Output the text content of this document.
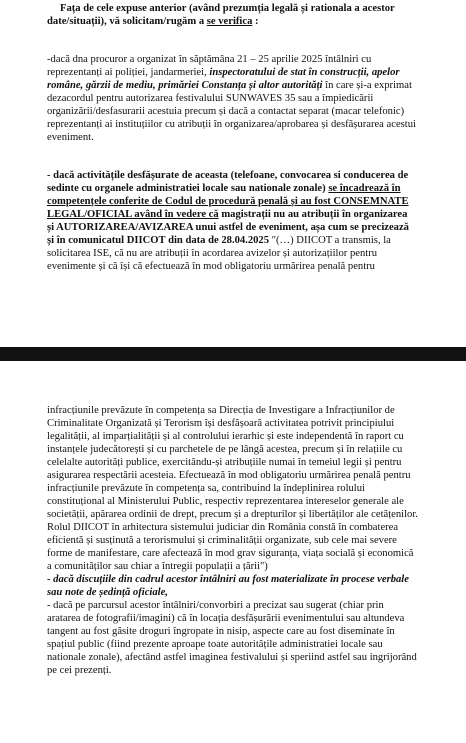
Fața de cele expuse anterior (având prezumția legală și rationala a acestor

date/situații), vă solicitam/rugăm a se verifica :

-dacă dna procuror a organizat în săptămâna 21 – 25 aprilie 2025 întâlniri cu

reprezentanți ai poliției, jandarmeriei, inspectoratului de stat în construcții, apelor

române, gărzii de mediu, primăriei Constanța și altor autorități în care și-a exprimat

dezacordul pentru autorizarea festivalului SUNWAVES 35 sau a împiedicării

organizării/desfasurarii acestuia precum și dacă a contactat separat (macar telefonic)

reprezentanți ai instituțiilor cu atribuții în organizarea/aprobarea și desfășurarea acestui

eveniment.

- dacă activitățile desfășurate de aceasta (telefoane, convocarea si conducerea de

sedinte cu organele administratiei locale sau nationale zonale) se încadrează în

competențele conferite de Codul de procedură penală și au fost CONSEMNATE

LEGAL/OFICIAL având în vedere că magistrații nu au atribuții în organizarea

și AUTORIZAREA/AVIZAREA unui astfel de eveniment, așa cum se precizează

și în comunicatul DIICOT din data de 28.04.2025 "(…) DIICOT a transmis, la

solicitarea ISE, că nu are atribuții în acordarea avizelor și autorizațiilor pentru

evenimente și că își că efectuează în mod obligatoriu urmărirea penală pentru

infracțiunile prevăzute în competența sa Direcția de Investigare a Infracțiunilor de

Criminalitate Organizată și Terorism își desfășoară activitatea potrivit principiului

legalității, al imparțialității și al controlului ierarhic și este independentă în raport cu

instanțele judecătorești și cu parchetele de pe lângă acestea, precum și în relațiile cu

celelalte autorități publice, exercitându-și atribuțiile numai în temeiul legii și pentru

asigurarea respectării acesteia. Efectuează în mod obligatoriu urmărirea penală pentru

infracțiunile prevăzute în competența sa, contribuind la îndeplinirea rolului

constituțional al Ministerului Public, respectiv reprezentarea intereselor generale ale

societății, apărarea ordinii de drept, precum și a drepturilor și libertăților ale cetățenilor.

Rolul DIICOT în arhitectura sistemului judiciar din România constă în combaterea

eficientă și susținută a terorismului și criminalității organizate, sub cele mai severe

forme de manifestare, care afectează în mod grav siguranța, viața socială și economică

a comunităților sau chiar a întregii populații a țării")

- dacă discuțiile din cadrul acestor întâlniri au fost materializate în procese verbale

sau note de ședință oficiale,

- dacă pe parcursul acestor întâlniri/convorbiri a precizat sau sugerat (chiar prin

aratarea de fotografii/imagini) că în locația desfășurării evenimentului sau altundeva

tangent au fost găsite droguri îngropate in nisip, aspecte care au fost diseminate în

spațiul public (fiind prezente aproape toate autoritățile administratiei locale sau

nationale zonale), afectând astfel imaginea festivalului și speriind astfel sau ingrijorând

pe cei prezenți.
